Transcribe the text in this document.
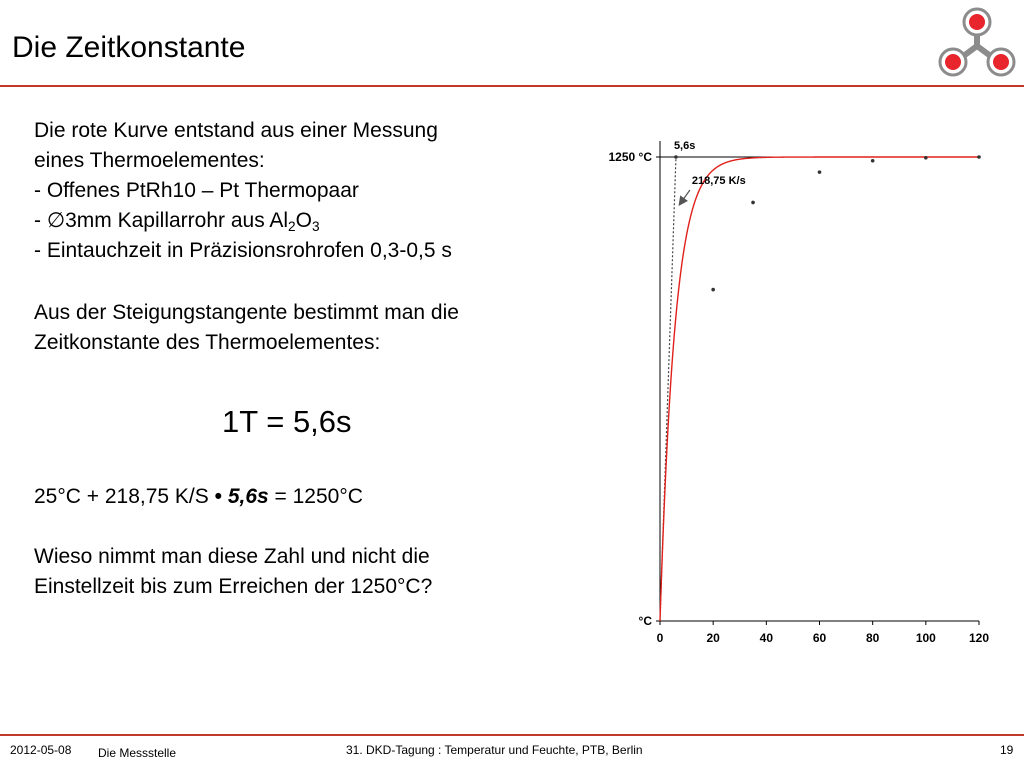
Die Zeitkonstante
Die rote Kurve entstand aus einer Messung
eines Thermoelementes:
- Offenes PtRh10 – Pt Thermopaar
- ∅3mm Kapillarrohr aus $Al_2O_3$
- Eintauchzeit in Präzisionsrohrofen 0,3-0,5 s
Aus der Steigungstangente bestimmt man die
Zeitkonstante des Thermoelementes:
1T = 5,6s
25°C + 218,75 K/S • 5,6s = 1250°C
Wieso nimmt man diese Zahl und nicht die
Einstellzeit bis zum Erreichen der 1250°C?
0	20	40	60	80	100	120
1250 °C
°C
5,6s
218,75 K/s
2012-05-08 Die Messstelle	31. DKD-Tagung : Temperatur und Feuchte, PTB, Berlin	19
